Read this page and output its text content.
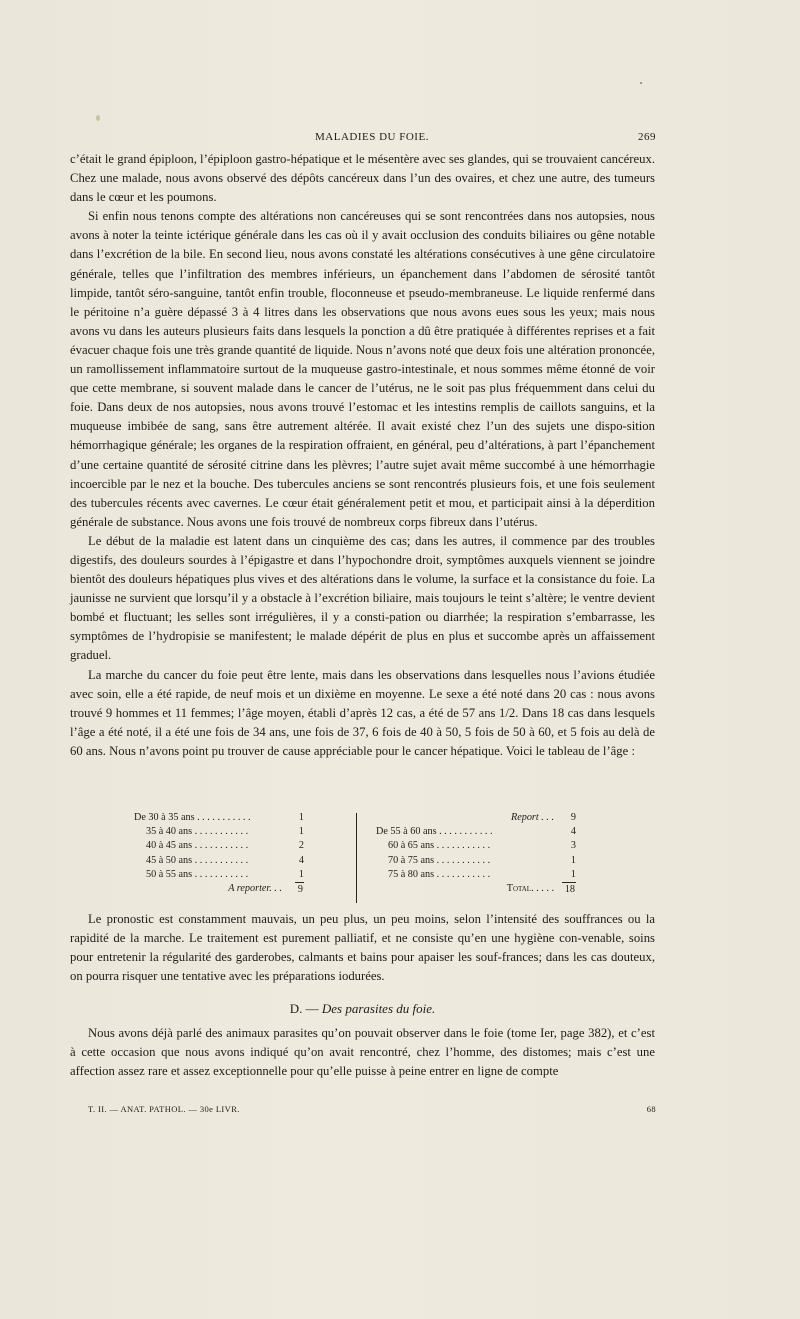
MALADIES DU FOIE.	269

c’était le grand épiploon, l’épiploon gastro-hépatique et le mésentère avec ses glandes, qui se trouvaient cancéreux. Chez une malade, nous avons observé des dépôts cancéreux dans l’un des ovaires, et chez une autre, des tumeurs dans le cœur et les poumons.

Si enfin nous tenons compte des altérations non cancéreuses qui se sont rencontrées dans nos autopsies, nous avons à noter la teinte ictérique générale dans les cas où il y avait occlusion des conduits biliaires ou gêne notable dans l’excrétion de la bile. En second lieu, nous avons constaté les altérations consécutives à une gêne circulatoire générale, telles que l’infiltration des membres inférieurs, un épanchement dans l’abdomen de sérosité tantôt limpide, tantôt séro-sanguine, tantôt enfin trouble, floconneuse et pseudo-membraneuse. Le liquide renfermé dans le péritoine n’a guère dépassé 3 à 4 litres dans les observations que nous avons eues sous les yeux; mais nous avons vu dans les auteurs plusieurs faits dans lesquels la ponction a dû être pratiquée à différentes reprises et a fait évacuer chaque fois une très grande quantité de liquide. Nous n’avons noté que deux fois une altération prononcée, un ramollissement inflammatoire surtout de la muqueuse gastro-intestinale, et nous sommes même étonné de voir que cette membrane, si souvent malade dans le cancer de l’utérus, ne le soit pas plus fréquemment dans celui du foie. Dans deux de nos autopsies, nous avons trouvé l’estomac et les intestins remplis de caillots sanguins, et la muqueuse imbibée de sang, sans être autrement altérée. Il avait existé chez l’un des sujets une dispo-sition hémorrhagique générale; les organes de la respiration offraient, en général, peu d’altérations, à part l’épanchement d’une certaine quantité de sérosité citrine dans les plèvres; l’autre sujet avait même succombé à une hémorrhagie incoercible par le nez et la bouche. Des tubercules anciens se sont rencontrés plusieurs fois, et une fois seulement des tubercules récents avec cavernes. Le cœur était généralement petit et mou, et participait ainsi à la déperdition générale de substance. Nous avons une fois trouvé de nombreux corps fibreux dans l’utérus.

Le début de la maladie est latent dans un cinquième des cas; dans les autres, il commence par des troubles digestifs, des douleurs sourdes à l’épigastre et dans l’hypochondre droit, symptômes auxquels viennent se joindre bientôt des douleurs hépatiques plus vives et des altérations dans le volume, la surface et la consistance du foie. La jaunisse ne survient que lorsqu’il y a obstacle à l’excrétion biliaire, mais toujours le teint s’altère; le ventre devient bombé et fluctuant; les selles sont irrégulières, il y a consti-pation ou diarrhée; la respiration s’embarrasse, les symptômes de l’hydropisie se manifestent; le malade dépérit de plus en plus et succombe après un affaissement graduel.

La marche du cancer du foie peut être lente, mais dans les observations dans lesquelles nous l’avions étudiée avec soin, elle a été rapide, de neuf mois et un dixième en moyenne. Le sexe a été noté dans 20 cas : nous avons trouvé 9 hommes et 11 femmes; l’âge moyen, établi d’après 12 cas, a été de 57 ans 1/2. Dans 18 cas dans lesquels l’âge a été noté, il a été une fois de 34 ans, une fois de 37, 6 fois de 40 à 50, 5 fois de 50 à 60, et 5 fois au delà de 60 ans. Nous n’avons point pu trouver de cause appréciable pour le cancer hépatique. Voici le tableau de l’âge :

De 30 à 35 ans . . . . . . . . . . .	1
35 à 40 ans . . . . . . . . . . .	1
40 à 45 ans . . . . . . . . . . .	2
45 à 50 ans . . . . . . . . . . .	4
50 à 55 ans . . . . . . . . . . .	1
A reporter. . . 9
Report . . . 9
De 55 à 60 ans . . . . . . . . . . .	4
60 à 65 ans . . . . . . . . . . .	3
70 à 75 ans . . . . . . . . . . .	1
75 à 80 ans . . . . . . . . . . .	1
Total. . . . . 18

Le pronostic est constamment mauvais, un peu plus, un peu moins, selon l’intensité des souffrances ou la rapidité de la marche. Le traitement est purement palliatif, et ne consiste qu’en une hygiène con-venable, soins pour entretenir la régularité des garderobes, calmants et bains pour apaiser les souf-frances; dans les cas douteux, on pourra risquer une tentative avec les préparations iodurées.

D. — Des parasites du foie.

Nous avons déjà parlé des animaux parasites qu’on pouvait observer dans le foie (tome Ier, page 382), et c’est à cette occasion que nous avons indiqué qu’on avait rencontré, chez l’homme, des distomes; mais c’est une affection assez rare et assez exceptionnelle pour qu’elle puisse à peine entrer en ligne de compte

T. II. — ANAT. PATHOL. — 30e LIVR.	68
